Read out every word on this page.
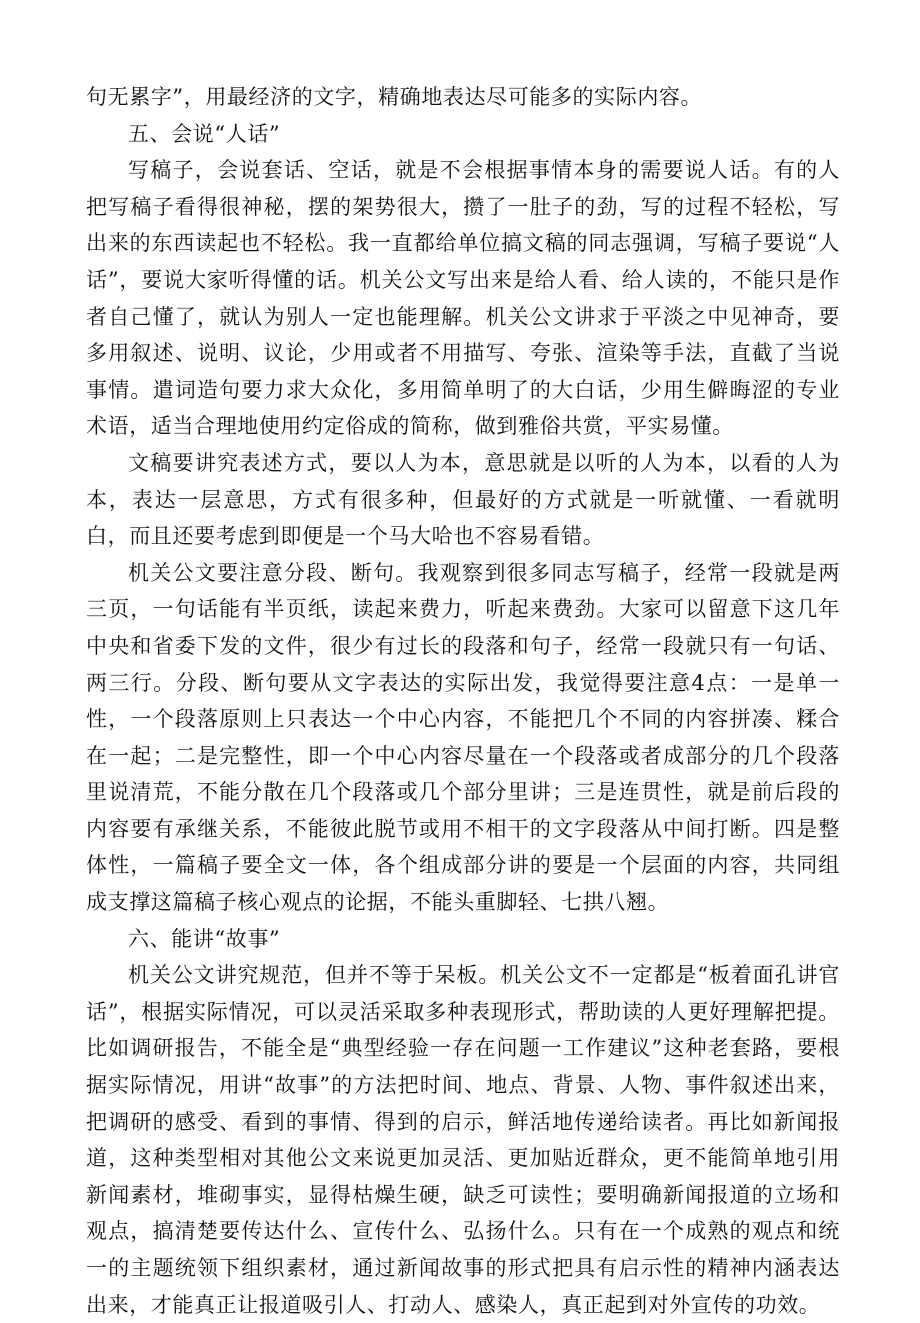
句无累字”，用最经济的文字，精确地表达尽可能多的实际内容。

五、会说“人话”

写稿子，会说套话、空话，就是不会根据事情本身的需要说人话。有的人把写稿子看得很神秘，摆的架势很大，攒了一肚子的劲，写的过程不轻松，写出来的东西读起也不轻松。我一直都给单位搞文稿的同志强调，写稿子要说“人话”，要说大家听得懂的话。机关公文写出来是给人看、给人读的，不能只是作者自己懂了，就认为别人一定也能理解。机关公文讲求于平淡之中见神奇，要多用叙述、说明、议论，少用或者不用描写、夸张、渲染等手法，直截了当说事情。遣词造句要力求大众化，多用简单明了的大白话，少用生僻晦涩的专业术语，适当合理地使用约定俗成的简称，做到雅俗共赏，平实易懂。

文稿要讲究表述方式，要以人为本，意思就是以听的人为本，以看的人为本，表达一层意思，方式有很多种，但最好的方式就是一听就懂、一看就明白，而且还要考虑到即便是一个马大哈也不容易看错。

机关公文要注意分段、断句。我观察到很多同志写稿子，经常一段就是两三页，一句话能有半页纸，读起来费力，听起来费劲。大家可以留意下这几年中央和省委下发的文件，很少有过长的段落和句子，经常一段就只有一句话、两三行。分段、断句要从文字表达的实际出发，我觉得要注意4点：一是单一性，一个段落原则上只表达一个中心内容，不能把几个不同的内容拼凑、糅合在一起；二是完整性，即一个中心内容尽量在一个段落或者成部分的几个段落里说清荒，不能分散在几个段落或几个部分里讲；三是连贯性，就是前后段的内容要有承继关系，不能彼此脱节或用不相干的文字段落从中间打断。四是整体性，一篇稿子要全文一体，各个组成部分讲的要是一个层面的内容，共同组成支撑这篇稿子核心观点的论据，不能头重脚轻、七拱八翘。

六、能讲“故事”

机关公文讲究规范，但并不等于呆板。机关公文不一定都是“板着面孔讲官话”，根据实际情况，可以灵活采取多种表现形式，帮助读的人更好理解把提。比如调研报告，不能全是“典型经验一存在问题一工作建议”这种老套路，要根据实际情况，用讲“故事”的方法把时间、地点、背景、人物、事件叙述出来，把调研的感受、看到的事情、得到的启示，鲜活地传递给读者。再比如新闻报道，这种类型相对其他公文来说更加灵活、更加贴近群众，更不能简单地引用新闻素材，堆砌事实，显得枯燥生硬，缺乏可读性；要明确新闻报道的立场和观点，搞清楚要传达什么、宣传什么、弘扬什么。只有在一个成熟的观点和统一的主题统领下组织素材，通过新闻故事的形式把具有启示性的精神内涵表达出来，才能真正让报道吸引人、打动人、感染人，真正起到对外宣传的功效。
